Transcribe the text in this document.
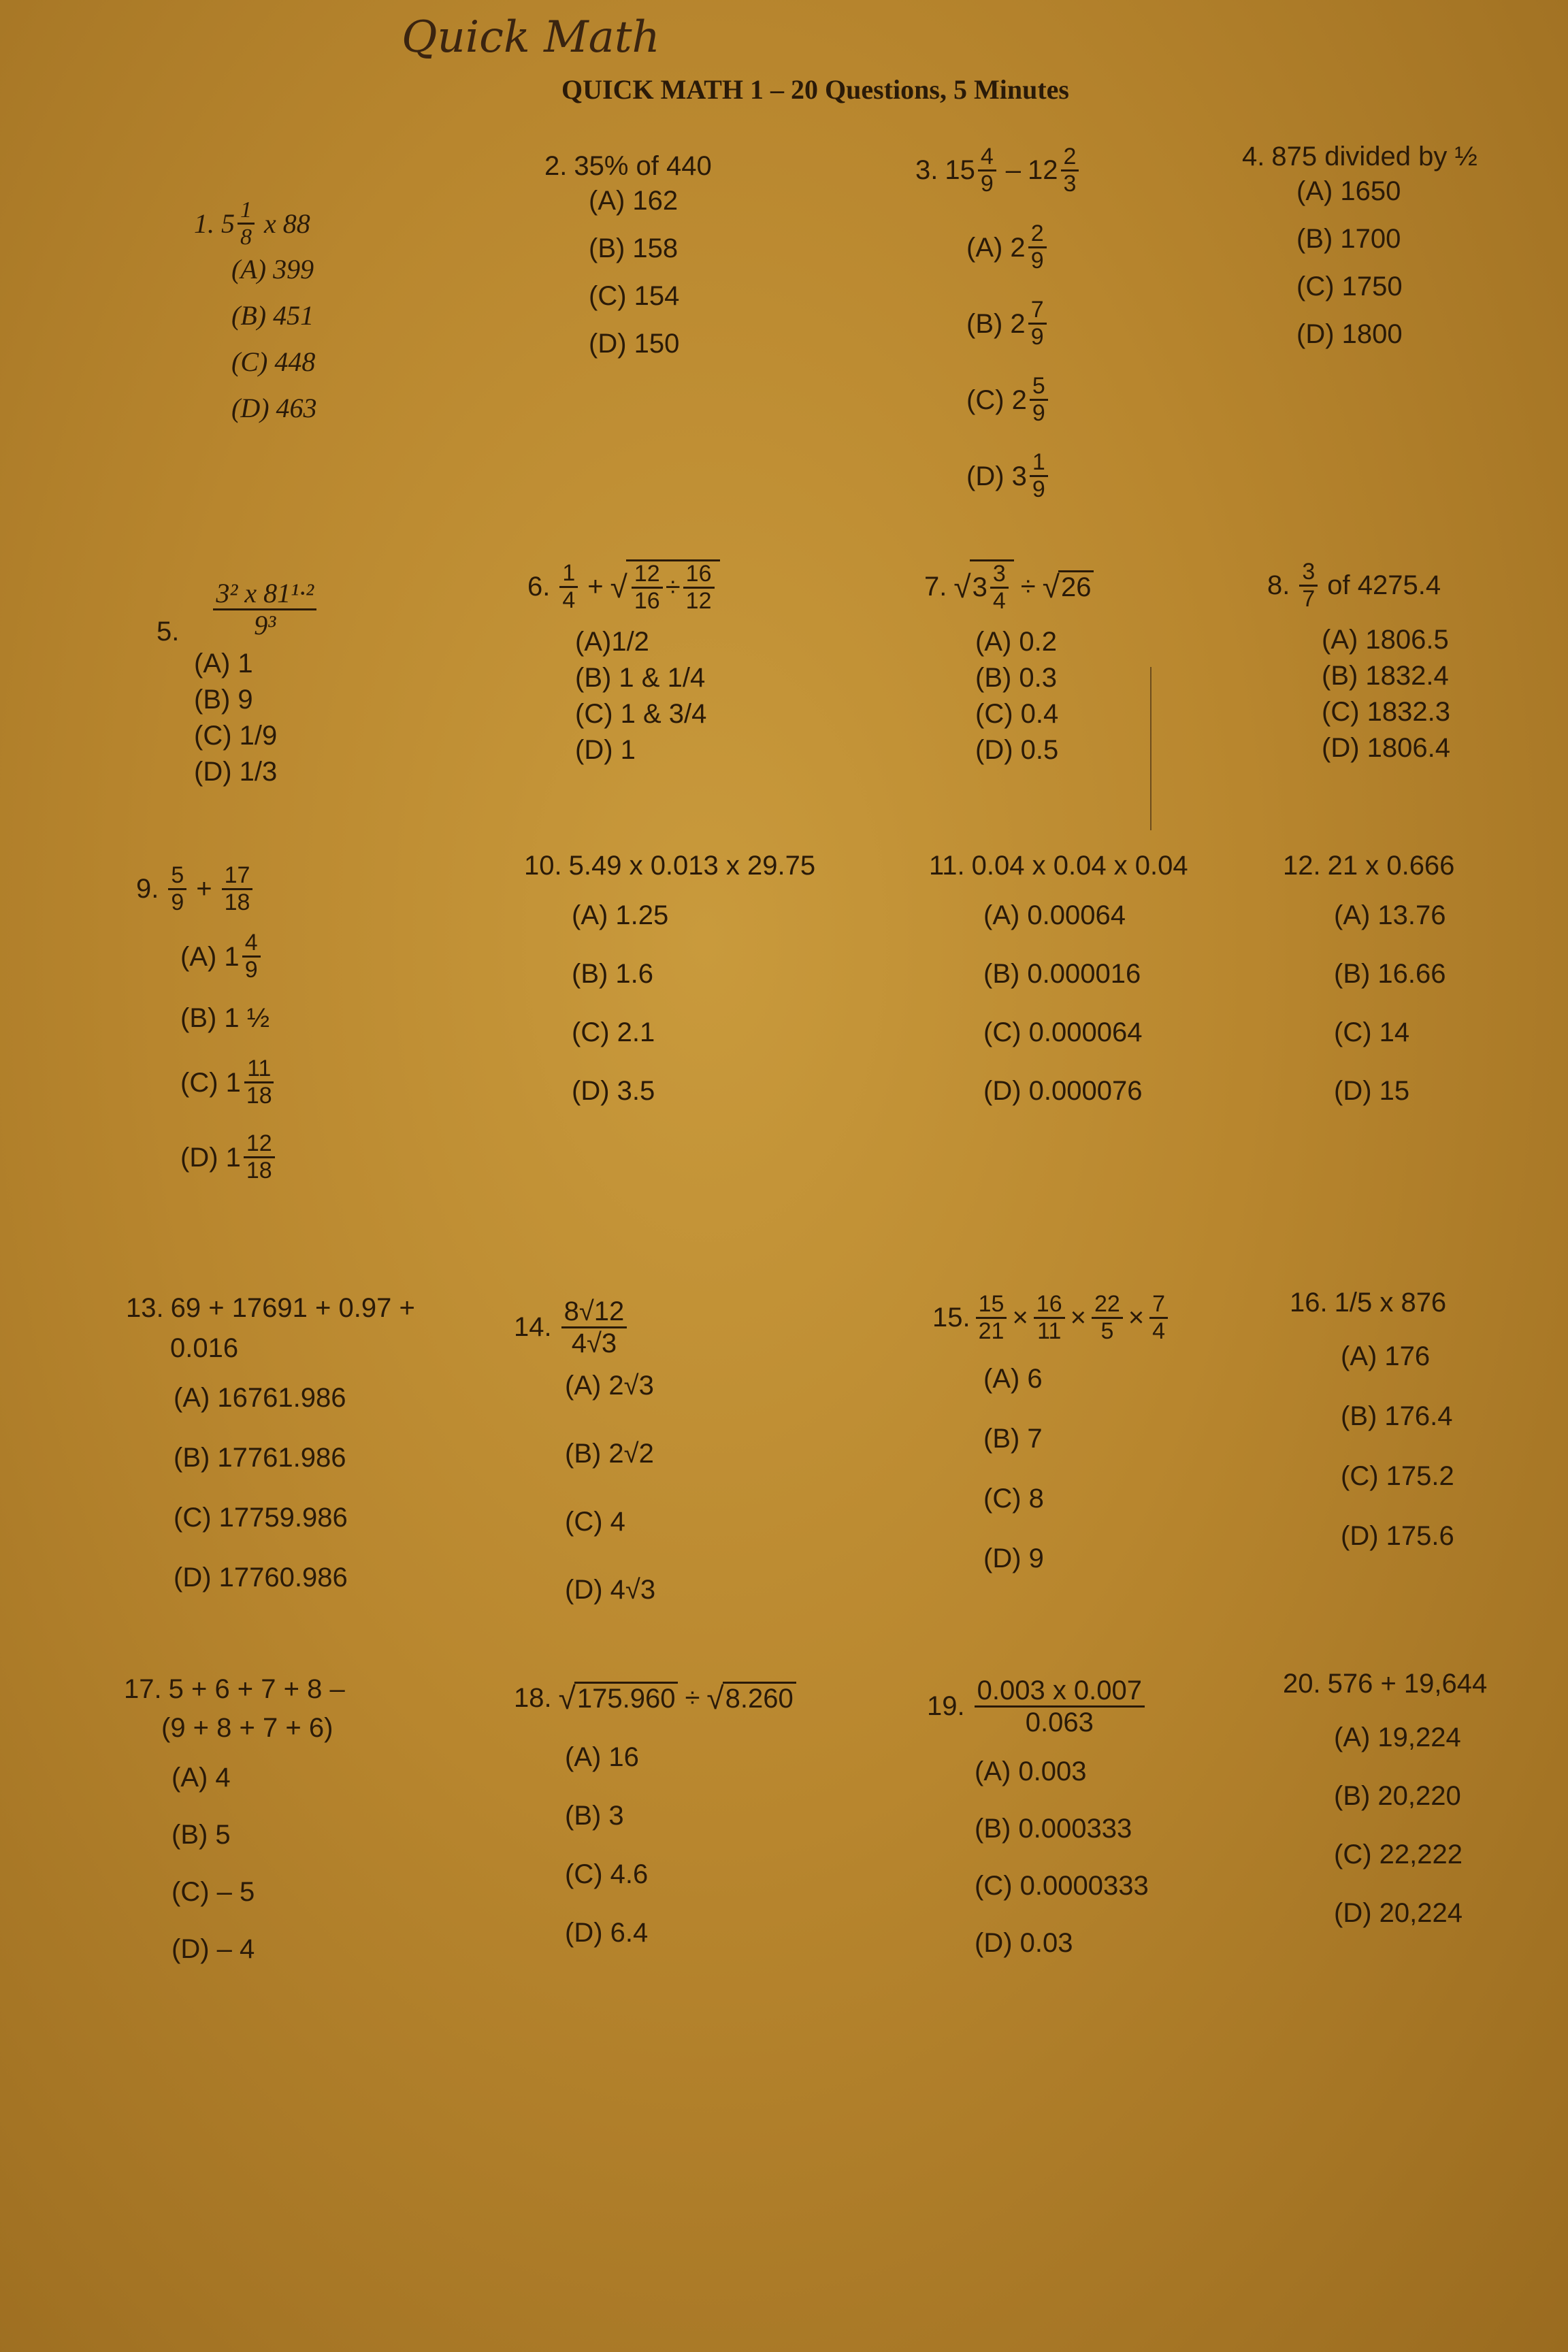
Quick Math
QUICK MATH 1 – 20 Questions, 5 Minutes
1. $5 \frac{1}{8}$ x 88
(A) 399
(B) 451
(C) 448
(D) 463
2. 35% of 440
(A) 162
(B) 158
(C) 154
(D) 150
3. $15 \frac{4}{9} - 12 \frac{2}{3}$
(A) $2 \frac{2}{9}$
(B) $2 \frac{7}{9}$
(C) $2 \frac{5}{9}$
(D) $3 \frac{1}{9}$
4. 875 divided by ½
(A) 1650
(B) 1700
(C) 1750
(D) 1800
5. $\frac{\text{3² x 81¹·²}}{\text{9³}}$
(A) 1
(B) 9
(C) 1/9
(D) 1/3
6. $\frac{1}{4}$ + √ $\frac{12}{16} \div \frac{16}{12}$
(A)1/2
(B) 1 & 1/4
(C) 1 & 3/4
(D) 1
7. √ $3 \frac{3}{4}$ ÷ √ 26
(A) 0.2
(B) 0.3
(C) 0.4
(D) 0.5
8. $\frac{3}{7}$ of 4275.4
(A) 1806.5
(B) 1832.4
(C) 1832.3
(D) 1806.4
9. $\frac{5}{9} + \frac{17}{18}$
(A) $1 \frac{4}{9}$
(B) 1 ½
(C) $1 \frac{11}{18}$
(D) $1 \frac{12}{18}$
10. 5.49 x 0.013 x 29.75
(A) 1.25
(B) 1.6
(C) 2.1
(D) 3.5
11. 0.04 x 0.04 x 0.04
(A) 0.00064
(B) 0.000016
(C) 0.000064
(D) 0.000076
12. 21 x 0.666
(A) 13.76
(B) 16.66
(C) 14
(D) 15
13. 69 + 17691 + 0.97 +
0.016
(A) 16761.986
(B) 17761.986
(C) 17759.986
(D) 17760.986
14. $\frac{8√12}{4√3}$
(A) 2√3
(B) 2√2
(C) 4
(D) 4√3
15. $\frac{15}{21} \times \frac{16}{11} \times \frac{22}{5} \times \frac{7}{4}$
(A) 6
(B) 7
(C) 8
(D) 9
16. 1/5 x 876
(A) 176
(B) 176.4
(C) 175.2
(D) 175.6
17. 5 + 6 + 7 + 8 –
(9 + 8 + 7 + 6)
(A) 4
(B) 5
(C) – 5
(D) – 4
18. √ 175.960 ÷ √ 8.260
(A) 16
(B) 3
(C) 4.6
(D) 6.4
19. $\frac{0.003 x 0.007}{0.063}$
(A) 0.003
(B) 0.000333
(C) 0.0000333
(D) 0.03
20. 576 + 19,644
(A) 19,224
(B) 20,220
(C) 22,222
(D) 20,224
